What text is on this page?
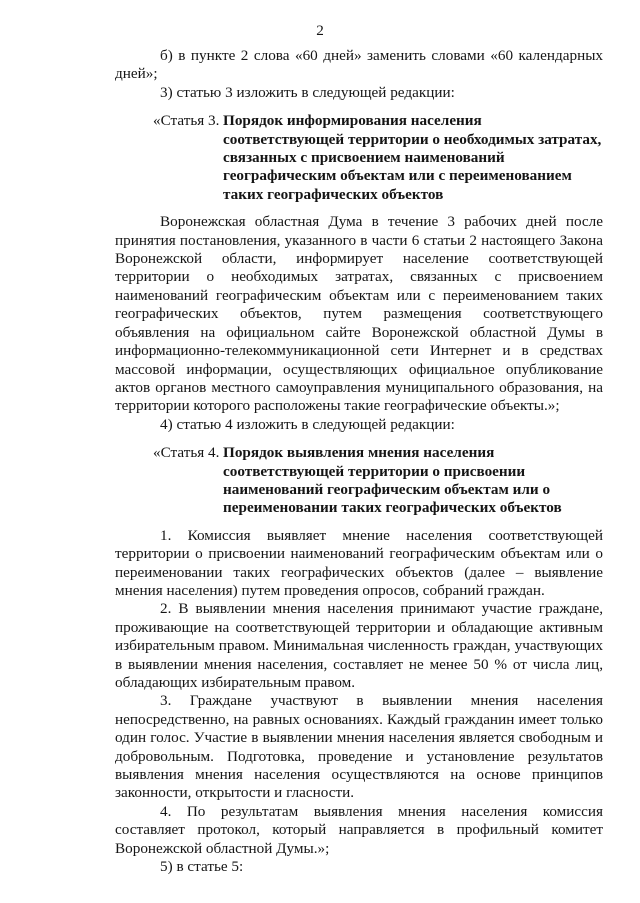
2

б) в пункте 2 слова «60 дней» заменить словами «60 календарных дней»;

3) статью 3 изложить в следующей редакции:

«Статья 3. Порядок информирования населения соответствующей территории о необходимых затратах, связанных с присвоением наименований географическим объектам или с переименованием таких географических объектов

Воронежская областная Дума в течение 3 рабочих дней после принятия постановления, указанного в части 6 статьи 2 настоящего Закона Воронежской области, информирует население соответствующей территории о необходимых затратах, связанных с присвоением наименований географическим объектам или с переименованием таких географических объектов, путем размещения соответствующего объявления на официальном сайте Воронежской областной Думы в информационно-телекоммуникационной сети Интернет и в средствах массовой информации, осуществляющих официальное опубликование актов органов местного самоуправления муниципального образования, на территории которого расположены такие географические объекты.»;

4) статью 4 изложить в следующей редакции:

«Статья 4. Порядок выявления мнения населения соответствующей территории о присвоении наименований географическим объектам или о переименовании таких географических объектов

1. Комиссия выявляет мнение населения соответствующей территории о присвоении наименований географическим объектам или о переименовании таких географических объектов (далее – выявление мнения населения) путем проведения опросов, собраний граждан.

2. В выявлении мнения населения принимают участие граждане, проживающие на соответствующей территории и обладающие активным избирательным правом. Минимальная численность граждан, участвующих в выявлении мнения населения, составляет не менее 50 % от числа лиц, обладающих избирательным правом.

3. Граждане участвуют в выявлении мнения населения непосредственно, на равных основаниях. Каждый гражданин имеет только один голос. Участие в выявлении мнения населения является свободным и добровольным. Подготовка, проведение и установление результатов выявления мнения населения осуществляются на основе принципов законности, открытости и гласности.

4. По результатам выявления мнения населения комиссия составляет протокол, который направляется в профильный комитет Воронежской областной Думы.»;

5) в статье 5:
